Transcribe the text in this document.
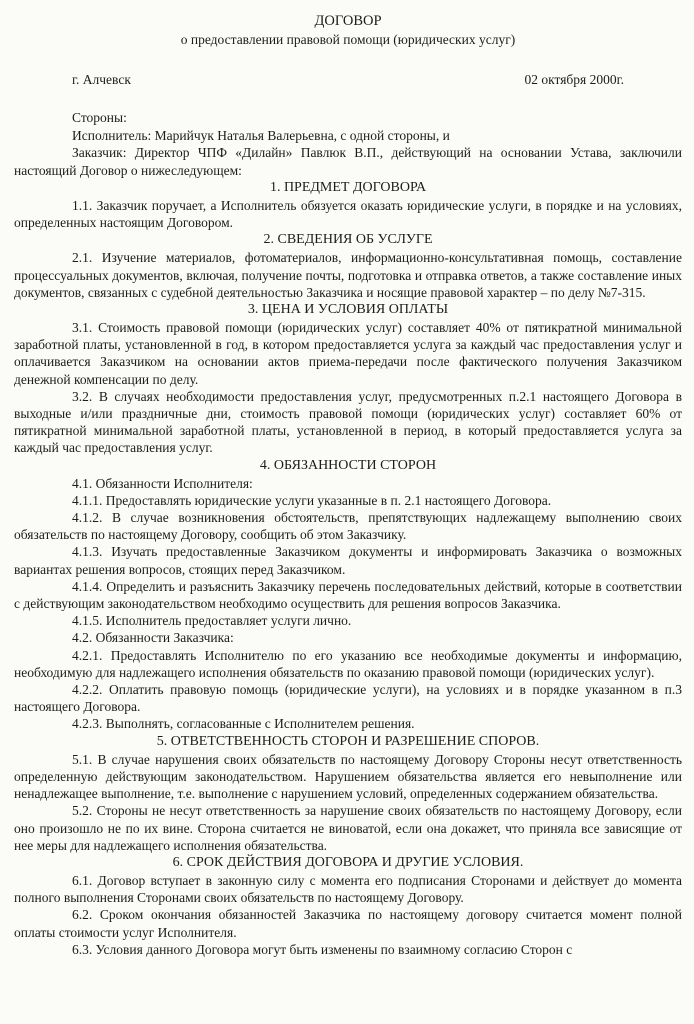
ДОГОВОР
о предоставлении правовой помощи (юридических услуг)
г. Алчевск	02 октября 2000г.

Стороны:

Исполнитель: Марийчук Наталья Валерьевна, с одной стороны, и

Заказчик: Директор ЧПФ «Дилайн» Павлюк В.П., действующий на основании Устава, заключили настоящий Договор о нижеследующем:

1. ПРЕДМЕТ ДОГОВОРА

1.1. Заказчик поручает, а Исполнитель обязуется оказать юридические услуги, в порядке и на условиях, определенных настоящим Договором.

2. СВЕДЕНИЯ ОБ УСЛУГЕ

2.1. Изучение материалов, фотоматериалов, информационно-консультативная помощь, составление процессуальных документов, включая, получение почты, подготовка и отправка ответов, а также составление иных документов, связанных с судебной деятельностью Заказчика и носящие правовой характер – по делу №7-315.

3. ЦЕНА И УСЛОВИЯ ОПЛАТЫ

3.1. Стоимость правовой помощи (юридических услуг) составляет 40% от пятикратной минимальной заработной платы, установленной в год, в котором предоставляется услуга за каждый час предоставления услуг и оплачивается Заказчиком на основании актов приема-передачи после фактического получения Заказчиком денежной компенсации по делу.

3.2. В случаях необходимости предоставления услуг, предусмотренных п.2.1 настоящего Договора в выходные и/или праздничные дни, стоимость правовой помощи (юридических услуг) составляет 60% от пятикратной минимальной заработной платы, установленной в период, в который предоставляется услуга за каждый час предоставления услуг.

4. ОБЯЗАННОСТИ СТОРОН

4.1. Обязанности Исполнителя:

4.1.1. Предоставлять юридические услуги указанные в п. 2.1 настоящего Договора.

4.1.2. В случае возникновения обстоятельств, препятствующих надлежащему выполнению своих обязательств по настоящему Договору, сообщить об этом Заказчику.

4.1.3. Изучать предоставленные Заказчиком документы и информировать Заказчика о возможных вариантах решения вопросов, стоящих перед Заказчиком.

4.1.4. Определить и разъяснить Заказчику перечень последовательных действий, которые в соответствии с действующим законодательством необходимо осуществить для решения вопросов Заказчика.

4.1.5. Исполнитель предоставляет услуги лично.

4.2. Обязанности Заказчика:

4.2.1. Предоставлять Исполнителю по его указанию все необходимые документы и информацию, необходимую для надлежащего исполнения обязательств по оказанию правовой помощи (юридических услуг).

4.2.2. Оплатить правовую помощь (юридические услуги), на условиях и в порядке указанном в п.3 настоящего Договора.

4.2.3. Выполнять, согласованные с Исполнителем решения.

5. ОТВЕТСТВЕННОСТЬ СТОРОН И РАЗРЕШЕНИЕ СПОРОВ.

5.1. В случае нарушения своих обязательств по настоящему Договору Стороны несут ответственность определенную действующим законодательством. Нарушением обязательства является его невыполнение или ненадлежащее выполнение, т.е. выполнение с нарушением условий, определенных содержанием обязательства.

5.2. Стороны не несут ответственность за нарушение своих обязательств по настоящему Договору, если оно произошло не по их вине. Сторона считается не виноватой, если она докажет, что приняла все зависящие от нее меры для надлежащего исполнения обязательства.

6. СРОК ДЕЙСТВИЯ ДОГОВОРА И ДРУГИЕ УСЛОВИЯ.

6.1. Договор вступает в законную силу с момента его подписания Сторонами и действует до момента полного выполнения Сторонами своих обязательств по настоящему Договору.

6.2. Сроком окончания обязанностей Заказчика по настоящему договору считается момент полной оплаты стоимости услуг Исполнителя.

6.3. Условия данного Договора могут быть изменены по взаимному согласию Сторон с
